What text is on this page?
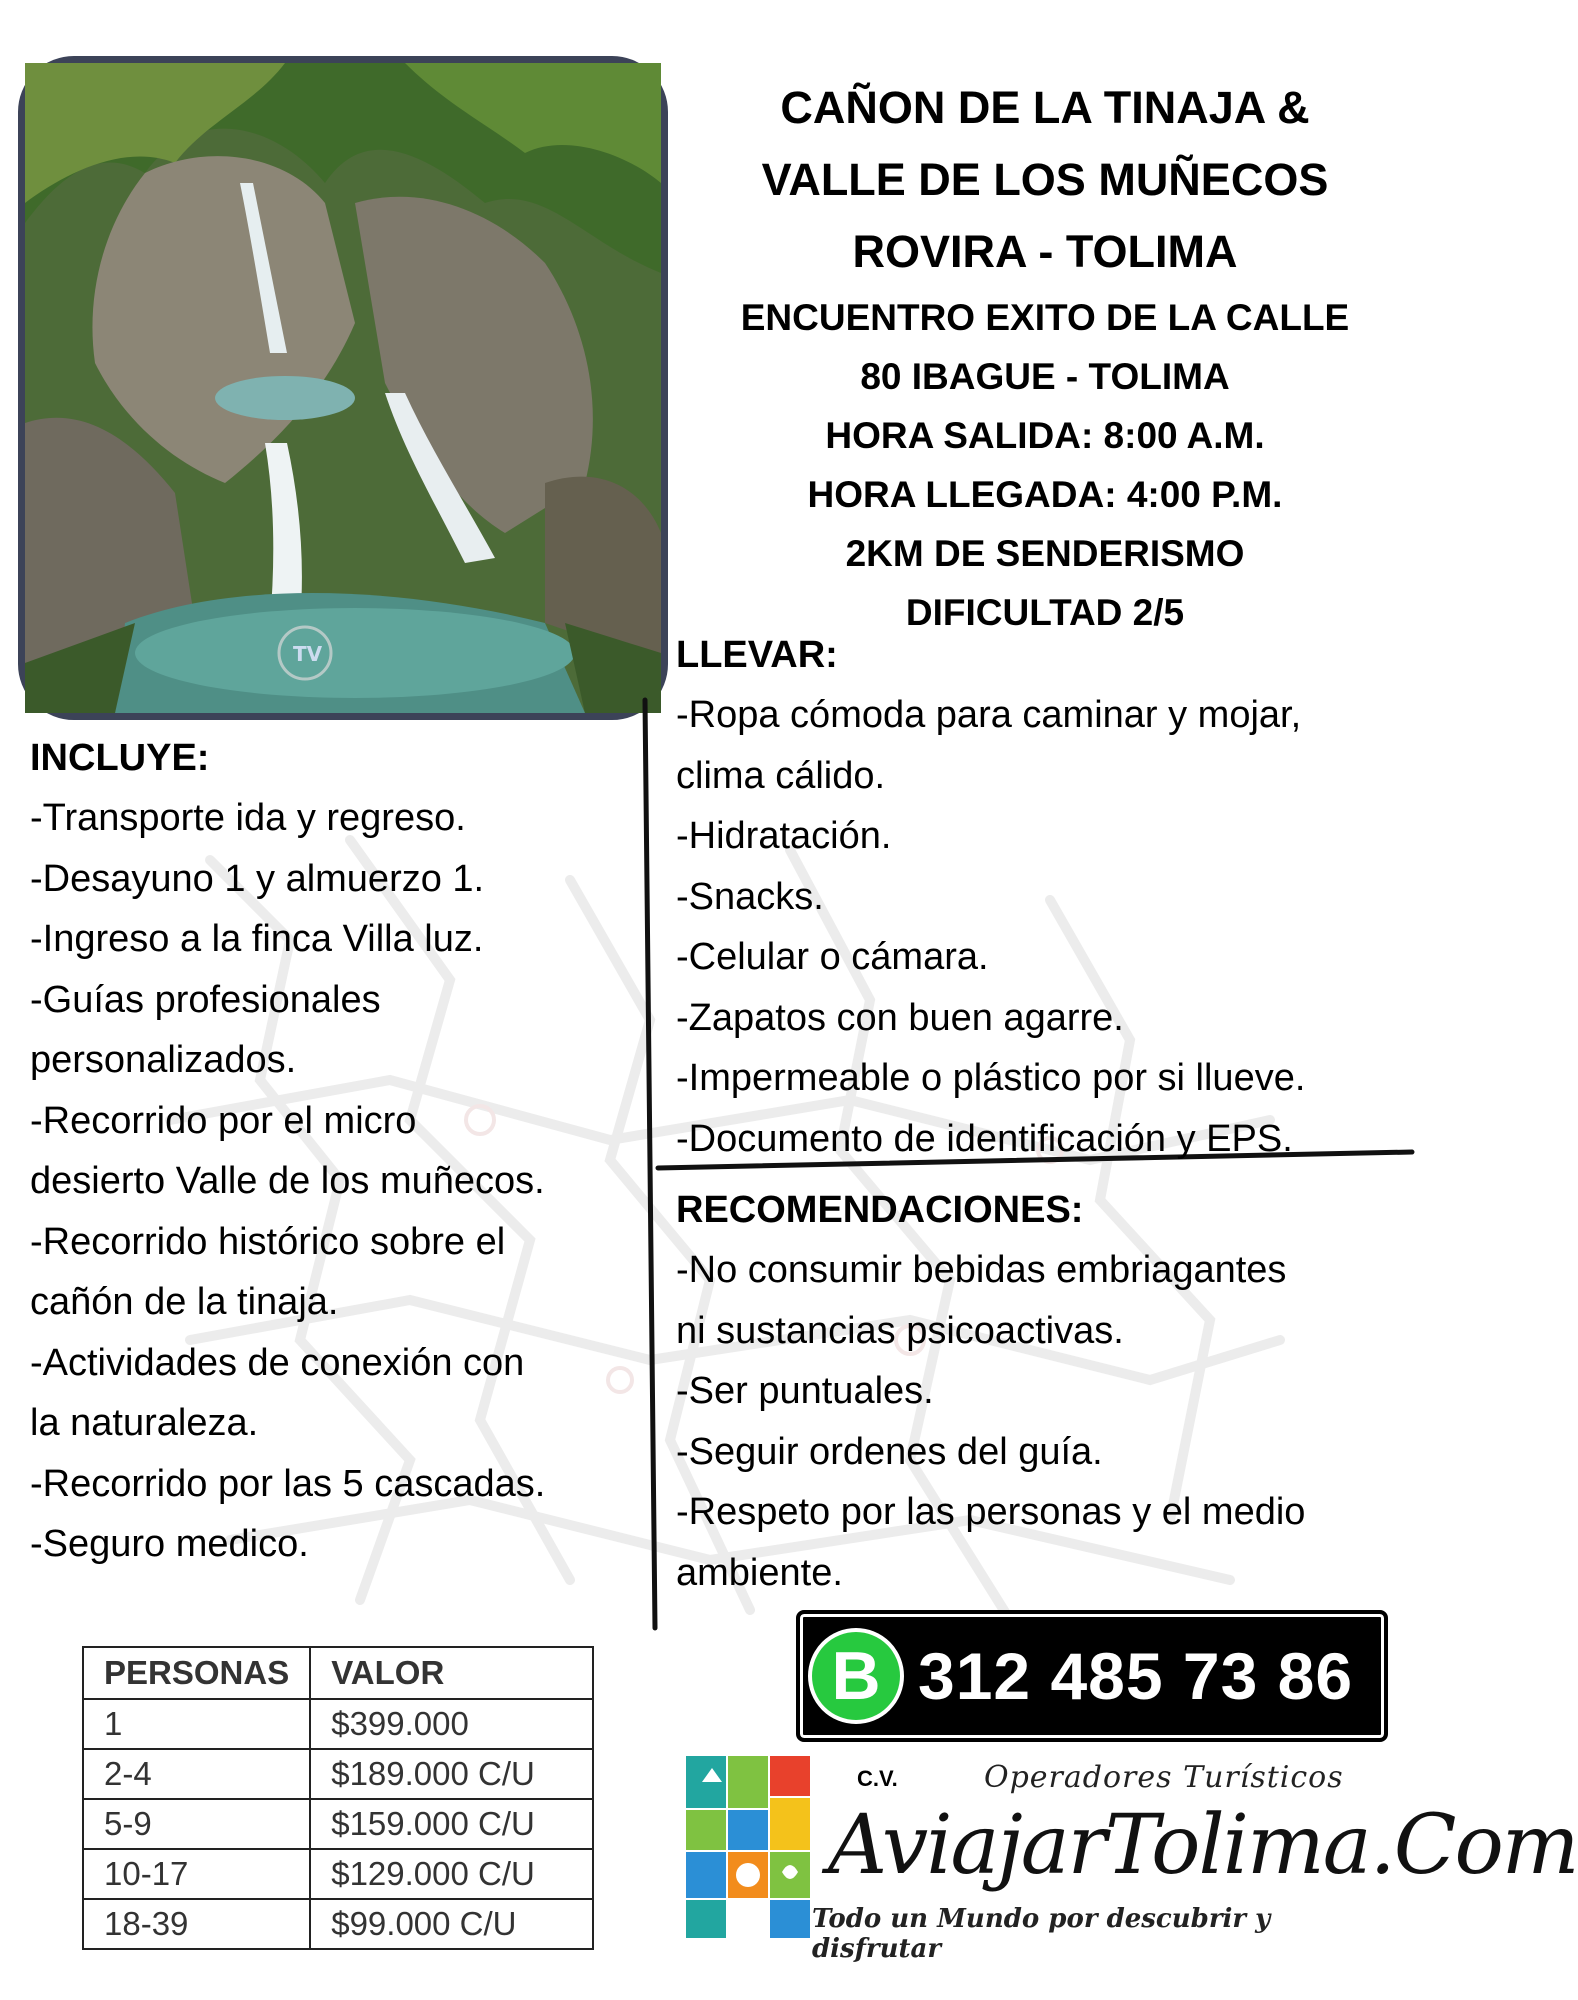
TV

CAÑON DE LA TINAJA &

VALLE DE LOS MUÑECOS

ROVIRA - TOLIMA

ENCUENTRO EXITO DE LA CALLE

80 IBAGUE - TOLIMA

HORA SALIDA: 8:00 A.M.

HORA LLEGADA: 4:00 P.M.

2KM DE SENDERISMO

DIFICULTAD 2/5

INCLUYE:

-Transporte ida y regreso.

-Desayuno 1 y almuerzo 1.

-Ingreso a la finca Villa luz.

-Guías profesionales

personalizados.

-Recorrido por el micro

desierto Valle de los muñecos.

-Recorrido histórico sobre el

cañón de la tinaja.

-Actividades de conexión con

la naturaleza.

-Recorrido por las 5 cascadas.

-Seguro medico.

LLEVAR:

-Ropa cómoda para caminar y mojar,

clima cálido.

-Hidratación.

-Snacks.

-Celular o cámara.

-Zapatos con buen agarre.

-Impermeable o plástico por si llueve.

-Documento de identificación y EPS.

RECOMENDACIONES:

-No consumir bebidas embriagantes

ni sustancias psicoactivas.

-Ser puntuales.

-Seguir ordenes del guía.

-Respeto por las personas y el medio

ambiente.

PERSONAS	VALOR
1	$399.000
2-4	$189.000 C/U
5-9	$159.000 C/U
10-17	$129.000 C/U
18-39	$99.000 C/U
B 312 485 73 86
C.V.	Operadores Turísticos
AviajarTolima.Com
Todo un Mundo por descubrir y disfrutar
